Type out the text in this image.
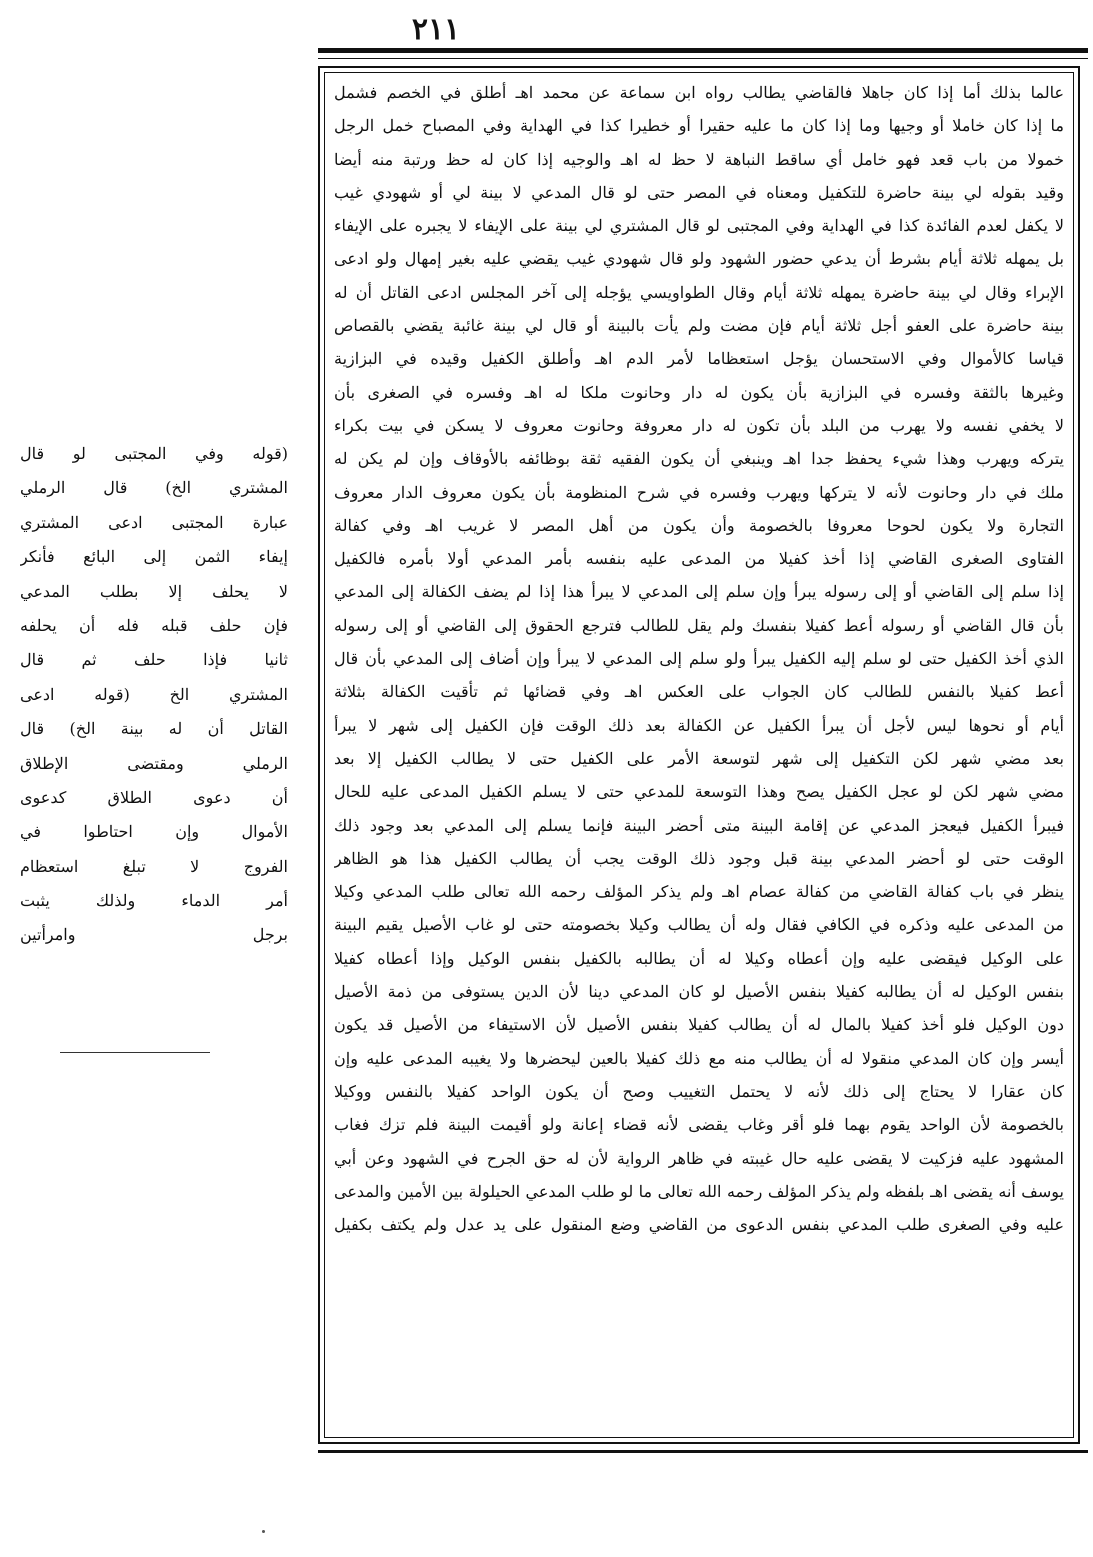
٢١١
عالما بذلك أما إذا كان جاهلا فالقاضي يطالب رواه ابن سماعة عن محمد اهـ أطلق في الخصم فشمل
ما إذا كان خاملا أو وجيها وما إذا كان ما عليه حقيرا أو خطيرا كذا في الهداية وفي المصباح خمل الرجل
خمولا من باب قعد فهو خامل أي ساقط النباهة لا حظ له اهـ والوجيه إذا كان له حظ ورتبة منه أيضا
وقيد بقوله لي بينة حاضرة للتكفيل ومعناه في المصر حتى لو قال المدعي لا بينة لي أو شهودي غيب
لا يكفل لعدم الفائدة كذا في الهداية وفي المجتبى لو قال المشتري لي بينة على الإيفاء لا يجبره على الإيفاء
بل يمهله ثلاثة أيام بشرط أن يدعي حضور الشهود ولو قال شهودي غيب يقضي عليه بغير إمهال ولو ادعى
الإبراء وقال لي بينة حاضرة يمهله ثلاثة أيام وقال الطواويسي يؤجله إلى آخر المجلس ادعى القاتل أن له
بينة حاضرة على العفو أجل ثلاثة أيام فإن مضت ولم يأت بالبينة أو قال لي بينة غائبة يقضي بالقصاص
قياسا كالأموال وفي الاستحسان يؤجل استعظاما لأمر الدم اهـ وأطلق الكفيل وقيده في البزازية
وغيرها بالثقة وفسره في البزازية بأن يكون له دار وحانوت ملكا له اهـ وفسره في الصغرى بأن
لا يخفي نفسه ولا يهرب من البلد بأن تكون له دار معروفة وحانوت معروف لا يسكن في بيت بكراء
يتركه ويهرب وهذا شيء يحفظ جدا اهـ وينبغي أن يكون الفقيه ثقة بوظائفه بالأوقاف وإن لم يكن له
ملك في دار وحانوت لأنه لا يتركها ويهرب وفسره في شرح المنظومة بأن يكون معروف الدار معروف
التجارة ولا يكون لحوحا معروفا بالخصومة وأن يكون من أهل المصر لا غريب اهـ وفي كفالة
الفتاوى الصغرى القاضي إذا أخذ كفيلا من المدعى عليه بنفسه بأمر المدعي أولا بأمره فالكفيل
إذا سلم إلى القاضي أو إلى رسوله يبرأ وإن سلم إلى المدعي لا يبرأ هذا إذا لم يضف الكفالة إلى المدعي
بأن قال القاضي أو رسوله أعط كفيلا بنفسك ولم يقل للطالب فترجع الحقوق إلى القاضي أو إلى رسوله
الذي أخذ الكفيل حتى لو سلم إليه الكفيل يبرأ ولو سلم إلى المدعي لا يبرأ وإن أضاف إلى المدعي بأن قال
أعط كفيلا بالنفس للطالب كان الجواب على العكس اهـ وفي قضائها ثم تأقيت الكفالة بثلاثة
أيام أو نحوها ليس لأجل أن يبرأ الكفيل عن الكفالة بعد ذلك الوقت فإن الكفيل إلى شهر لا يبرأ
بعد مضي شهر لكن التكفيل إلى شهر لتوسعة الأمر على الكفيل حتى لا يطالب الكفيل إلا بعد
مضي شهر لكن لو عجل الكفيل يصح وهذا التوسعة للمدعي حتى لا يسلم الكفيل المدعى عليه للحال
فيبرأ الكفيل فيعجز المدعي عن إقامة البينة متى أحضر البينة فإنما يسلم إلى المدعي بعد وجود ذلك
الوقت حتى لو أحضر المدعي بينة قبل وجود ذلك الوقت يجب أن يطالب الكفيل هذا هو الظاهر
ينظر في باب كفالة القاضي من كفالة عصام اهـ ولم يذكر المؤلف رحمه الله تعالى طلب المدعي وكيلا
من المدعى عليه وذكره في الكافي فقال وله أن يطالب وكيلا بخصومته حتى لو غاب الأصيل يقيم البينة
على الوكيل فيقضى عليه وإن أعطاه وكيلا له أن يطالبه بالكفيل بنفس الوكيل وإذا أعطاه كفيلا
بنفس الوكيل له أن يطالبه كفيلا بنفس الأصيل لو كان المدعي دينا لأن الدين يستوفى من ذمة الأصيل
دون الوكيل فلو أخذ كفيلا بالمال له أن يطالب كفيلا بنفس الأصيل لأن الاستيفاء من الأصيل قد يكون
أيسر وإن كان المدعي منقولا له أن يطالب منه مع ذلك كفيلا بالعين ليحضرها ولا يغيبه المدعى عليه وإن
كان عقارا لا يحتاج إلى ذلك لأنه لا يحتمل التغييب وصح أن يكون الواحد كفيلا بالنفس ووكيلا
بالخصومة لأن الواحد يقوم بهما فلو أقر وغاب يقضى لأنه قضاء إعانة ولو أقيمت البينة فلم تزك فغاب
المشهود عليه فزكيت لا يقضى عليه حال غيبته في ظاهر الرواية لأن له حق الجرح في الشهود وعن أبي
يوسف أنه يقضى اهـ بلفظه ولم يذكر المؤلف رحمه الله تعالى ما لو طلب المدعي الحيلولة بين الأمين والمدعى
عليه وفي الصغرى طلب المدعي بنفس الدعوى من القاضي وضع المنقول على يد عدل ولم يكتف بكفيل
(قوله وفي المجتبى لو قال
المشتري الخ) قال الرملي
عبارة المجتبى ادعى المشتري
إيفاء الثمن إلى البائع فأنكر
لا يحلف إلا بطلب المدعي
فإن حلف قبله فله أن يحلفه
ثانيا فإذا حلف ثم قال
المشتري الخ (قوله ادعى
القاتل أن له بينة الخ) قال
الرملي ومقتضى الإطلاق
أن دعوى الطلاق كدعوى
الأموال وإن احتاطوا في
الفروج لا تبلغ استعظام
أمر الدماء ولذلك يثبت
برجل وامرأتين
